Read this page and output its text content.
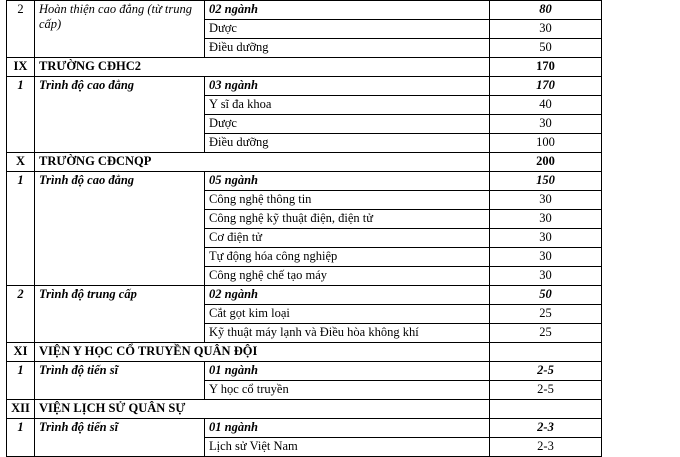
2	Hoàn thiện cao đẳng (từ trung cấp)	02 ngành	80
		Dược	30
		Điều dưỡng	50
IX	TRƯỜNG CĐHC2		170
1	Trình độ cao đẳng	03 ngành	170
		Y sĩ đa khoa	40
		Dược	30
		Điều dưỡng	100
X	TRƯỜNG CĐCNQP		200
1	Trình độ cao đẳng	05 ngành	150
		Công nghệ thông tin	30
		Công nghệ kỹ thuật điện, điện tử	30
		Cơ điện tử	30
		Tự động hóa công nghiệp	30
		Công nghệ chế tạo máy	30
2	Trình độ trung cấp	02 ngành	50
		Cắt gọt kim loại	25
		Kỹ thuật máy lạnh và Điều hòa không khí	25
XI	VIỆN Y HỌC CỔ TRUYỀN QUÂN ĐỘI		
1	Trình độ tiến sĩ	01 ngành	2-5
		Y học cổ truyền	2-5
XII	VIỆN LỊCH SỬ QUÂN SỰ		
1	Trình độ tiến sĩ	01 ngành	2-3
		Lịch sử Việt Nam	2-3
